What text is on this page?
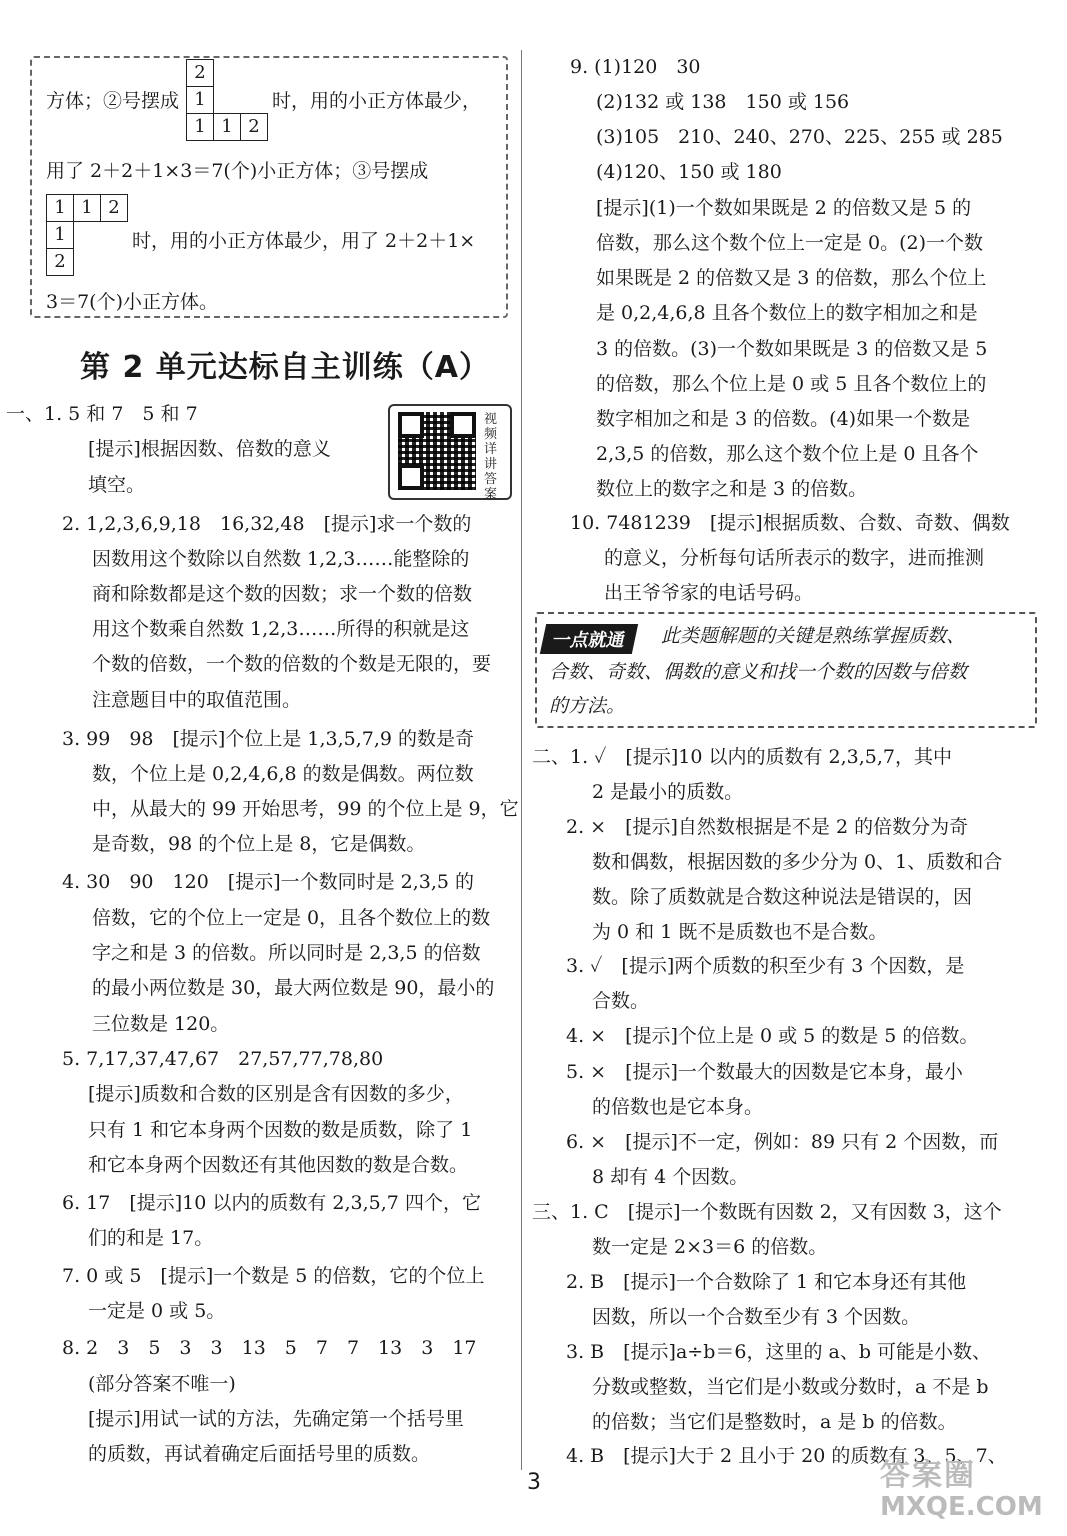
方体；②号摆成
2		
1		
1	1	2
时，用的小正方体最少，
用了 2＋2＋1×3＝7(个)小正方体；③号摆成
1	1	2
1		
2		
时，用的小正方体最少，用了 2＋2＋1×
3＝7(个)小正方体。
第 2 单元达标自主训练（A）
视频详讲答案
一、1. 5 和 7　5 和 7
[提示]根据因数、倍数的意义
填空。
2. 1,2,3,6,9,18　16,32,48　[提示]求一个数的
因数用这个数除以自然数 1,2,3……能整除的
商和除数都是这个数的因数；求一个数的倍数
用这个数乘自然数 1,2,3……所得的积就是这
个数的倍数，一个数的倍数的个数是无限的，要
注意题目中的取值范围。
3. 99　98　[提示]个位上是 1,3,5,7,9 的数是奇
数，个位上是 0,2,4,6,8 的数是偶数。两位数
中，从最大的 99 开始思考，99 的个位上是 9，它
是奇数，98 的个位上是 8，它是偶数。
4. 30　90　120　[提示]一个数同时是 2,3,5 的
倍数，它的个位上一定是 0，且各个数位上的数
字之和是 3 的倍数。所以同时是 2,3,5 的倍数
的最小两位数是 30，最大两位数是 90，最小的
三位数是 120。
5. 7,17,37,47,67　27,57,77,78,80
[提示]质数和合数的区别是含有因数的多少，
只有 1 和它本身两个因数的数是质数，除了 1
和它本身两个因数还有其他因数的数是合数。
6. 17　[提示]10 以内的质数有 2,3,5,7 四个，它
们的和是 17。
7. 0 或 5　[提示]一个数是 5 的倍数，它的个位上
一定是 0 或 5。
8. 2　3　5　3　3　13　5　7　7　13　3　17
(部分答案不唯一)
[提示]用试一试的方法，先确定第一个括号里
的质数，再试着确定后面括号里的质数。
9. (1)120　30
(2)132 或 138　150 或 156
(3)105　210、240、270、225、255 或 285
(4)120、150 或 180
[提示](1)一个数如果既是 2 的倍数又是 5 的
倍数，那么这个数个位上一定是 0。(2)一个数
如果既是 2 的倍数又是 3 的倍数，那么个位上
是 0,2,4,6,8 且各个数位上的数字相加之和是
3 的倍数。(3)一个数如果既是 3 的倍数又是 5
的倍数，那么个位上是 0 或 5 且各个数位上的
数字相加之和是 3 的倍数。(4)如果一个数是
2,3,5 的倍数，那么这个数个位上是 0 且各个
数位上的数字之和是 3 的倍数。
10. 7481239　[提示]根据质数、合数、奇数、偶数
的意义，分析每句话所表示的数字，进而推测
出王爷爷家的电话号码。
一点就通	此类题解题的关键是熟练掌握质数、
合数、奇数、偶数的意义和找一个数的因数与倍数
的方法。
二、1. ✓　[提示]10 以内的质数有 2,3,5,7，其中
2 是最小的质数。
2. ×　[提示]自然数根据是不是 2 的倍数分为奇
数和偶数，根据因数的多少分为 0、1、质数和合
数。除了质数就是合数这种说法是错误的，因
为 0 和 1 既不是质数也不是合数。
3. ✓　[提示]两个质数的积至少有 3 个因数，是
合数。
4. ×　[提示]个位上是 0 或 5 的数是 5 的倍数。
5. ×　[提示]一个数最大的因数是它本身，最小
的倍数也是它本身。
6. ×　[提示]不一定，例如：89 只有 2 个因数，而
8 却有 4 个因数。
三、1. C　[提示]一个数既有因数 2，又有因数 3，这个
数一定是 2×3＝6 的倍数。
2. B　[提示]一个合数除了 1 和它本身还有其他
因数，所以一个合数至少有 3 个因数。
3. B　[提示]a÷b＝6，这里的 a、b 可能是小数、
分数或整数，当它们是小数或分数时，a 不是 b
的倍数；当它们是整数时，a 是 b 的倍数。
4. B　[提示]大于 2 且小于 20 的质数有 3、5、7、
3	答案圈
MXQE.COM
